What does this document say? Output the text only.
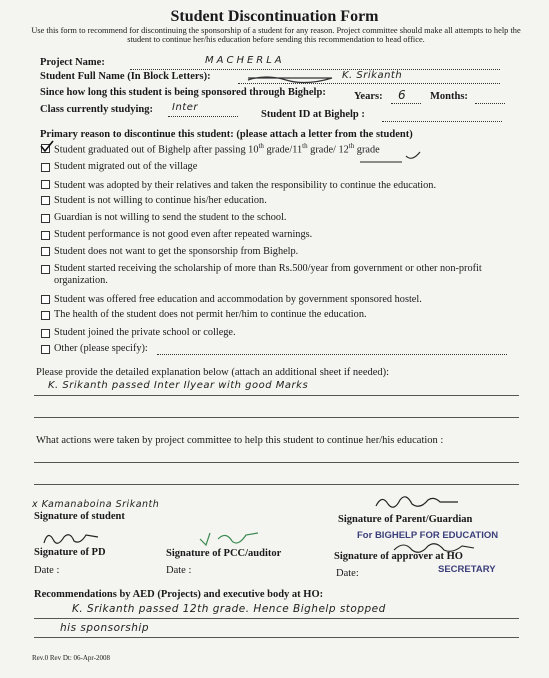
Student Discontinuation Form
Use this form to recommend for discontinuing the sponsorship of a student for any reason. Project committee should make all attempts to help the student to continue her/his education before sending this recommendation to head office.
Project Name:	MACHERLA
Student Full Name (In Block Letters):	K. Srikanth
Since how long this student is being sponsored through Bighelp:	Years: 6 Months:
Class currently studying: Inter
Student ID at Bighelp :
Primary reason to discontinue this student: (please attach a letter from the student)
Student graduated out of Bighelp after passing 10th grade/11th grade/ 12th grade
Student migrated out of the village
Student was adopted by their relatives and taken the responsibility to continue the education.
Student is not willing to continue his/her education.
Guardian is not willing to send the student to the school.
Student performance is not good even after repeated warnings.
Student does not want to get the sponsorship from Bighelp.
Student started receiving the scholarship of more than Rs.500/year from government or other non-profit organization.
Student was offered free education and accommodation by government sponsored hostel.
The health of the student does not permit her/him to continue the education.
Student joined the private school or college.
Other (please specify):
Please provide the detailed explanation below (attach an additional sheet if needed):
K. Srikanth passed Inter Ilyear with good Marks
What actions were taken by project committee to help this student to continue her/his education :
x Kamanaboina Srikanth
Signature of student	Signature of Parent/Guardian
Signature of PD
Date :
Signature of PCC/auditor
Date :
For BIGHELP FOR EDUCATION
Signature of approver at HO
SECRETARY
Date:
Recommendations by AED (Projects) and executive body at HO:
K. Srikanth passed 12th grade. Hence Bighelp stopped
his sponsorship
Rev.0 Rev Dt: 06-Apr-2008
